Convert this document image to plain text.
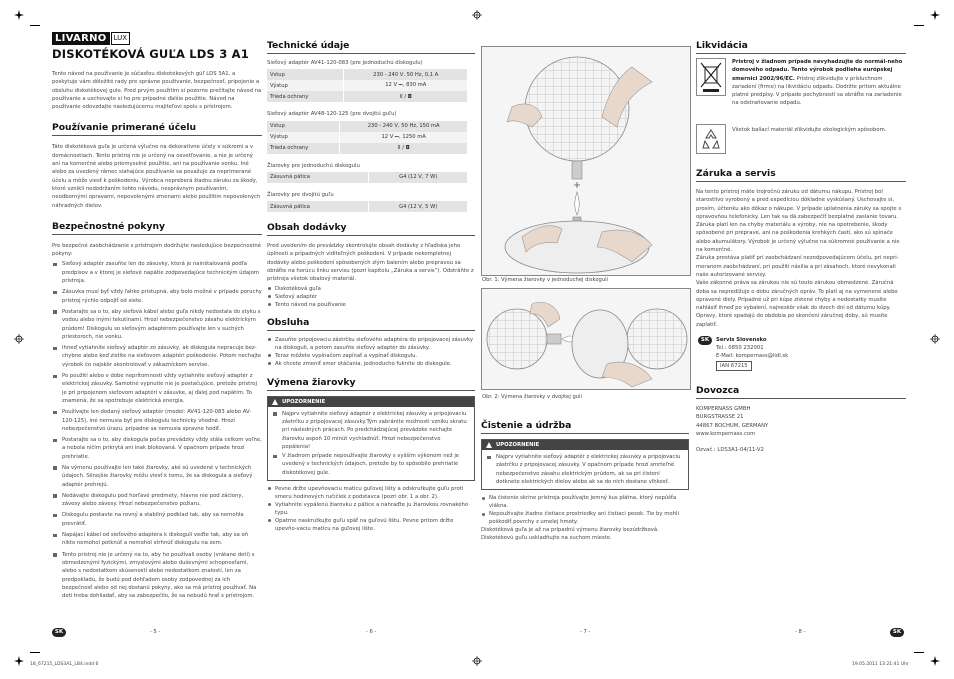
LIVARNO	LUX
DISKOTÉKOVÁ GUĽA LDS 3 A1

Tento návod na používanie je súčasťou diskotékových gúľ LDS 3A1, a poskytuje vám dôležité rady pre správne používanie, bezpečnosť, pripojenie a obsluhu diskotékovej gule. Pred prvým použitím si pozorne prečítajte návod na používanie a uschovajte si ho pre prípadné ďalšie použitie. Návod na používanie odovzdajte nasledujúcemu majiteľovi spolu s prístrojom.

Používanie primerané účelu

Táto diskotéková guľa je určená výlučne na dekoratívne účely v súkromí a v domácnostiach. Tento prístroj nie je určený na osvetľovanie, a nie je určený ani na komerčné alebo priemyselné použitie, ani na používanie vonku. Iné alebo za uvedený rámec siahajúce používanie sa považuje za neprimerané účelu a môže viesť k poškodeniu. Výrobca nepreberá žiadnu záruku za škody, ktoré vznikli nedodržaním tohto návodu, nesprávnym používaním, neodbornými opravami, nepovolenými zmenami alebo použitím nepovolených náhradných dielov.

Bezpečnostné pokyny

Pre bezpečné zaobchádzanie s prístrojom dodržujte nasledujúce bezpečnostné pokyny:

Sieťový adaptér zasuňte len do zásuvky, ktorá je nainštalovaná podľa predpisov a v ktorej je sieťové napätie zodpovedajúce technickým údajom prístroja.
Zásuvka musí byť vždy ľahko prístupná, aby bolo možné v prípade poruchy prístroj rýchlo odpojiť od siete.
Postarajte sa o to, aby sieťová kábel alebo guľa nikdy nedostala do styku s vodou alebo inými tekutinami. Hrozí nebezpečenstvo zásahu elektrickým prúdom! Diskogulu so sieťovým adaptérom používajte len v suchých priestoroch, nie vonku.
Ihneď vytiahnite sieťový adaptér zo zásuvky, ak diskogula nepracuje bez-chybne alebo keď zistíte na sieťovom adaptéri poškodenie. Potom nechajte výrobok čo najskôr skontrolovať v zákazníckom servise.
Po použití alebo v dobe neprítomnosti vždy vytiahnite sieťový adaptér z elektrickej zásuvky. Samotné vypnutie nie je postačujúce, pretože prístroj je pri pripojenom sieťovom adaptéri v zásuvke, aj ďalej pod napätím. To znamená, že sa spotrebuje elektrická energia.
Používajte len dodaný sieťový adaptér (model: AV41-120-083 alebo AV-120-125), iné nemusia byť pre diskogulu technicky vhodné. Hrozí nebezpečenstvo úrazu, prípadne sa nemusia spravne hodiť.
Postarajte sa o to, aby diskogula počas prevádzky vždy stála celkom voľne, a nebola ničím prikrytá ani inak blokovaná. V opačnom prípade hrozí prehriatie.
Na výmenu používajte len také žiarovky, aké sú uvedené v technických údajoch. Silnejšie žiarovky môžu viesť k tomu, že sa diskogula a sieťový adaptér prehrejú.
Nedávajte diskogulu pod horľavé predmety, hlavne nie pod záclony, závesy alebo závesy. Hrozí nebezpečenstvo požiaru.
Diskogulu postavte na rovný a stabilný podklad tak, aby sa nemohla prevrátiť.
Napájací kábel od sieťového adaptéra k diskoguli veďte tak, aby sa oň nikto nemohol potknúť a nemohol strhnúť diskogulu na zem.
Tento prístroj nie je určený na to, aby ho používali osoby (vrátane detí) s obmedzenými fyzickými, zmyslovými alebo duševnými schopnosťami, alebo s nedostatkom skúseností alebo nedostatkom znalostí, len za predpokladu, že budú pod dohľadom osoby zodpovednej za ich bezpečnosť alebo od nej dostanú pokyny, ako sa má prístroj používať. Na deti treba dohliadať, aby sa zabezpečilo, že sa nebudú hrať s prístrojom.
Technické údaje

Sieťový adaptér AV41-120-083 (pre jednoduchú diskogulu)

Vstup	230 - 240 V, 50 Hz, 0,1 A
Výstup	12 V ⎓, 830 mA
Trieda ochrany	II / ◘

Sieťový adaptér AV48-120-125 (pre dvojitú guľu)

Vstup	230 - 240 V, 50 Hz, 150 mA
Výstup	12 V ⎓, 1250 mA
Trieda ochrany	II / ◘

Žiarovky pre jednoduchú diskogulu

Zásuvná pätica	G4 (12 V, 7 W)

Žiarovky pre dvojitú guľu

Zásuvná pätica	G4 (12 V, 5 W)
Obsah dodávky

Pred uvedením do prevádzky skontrolujte obsah dodávky z hľadiska jeho úplnosti a prípadných viditeľných poškodení. V prípade nekompletnej dodávky alebo poškodení spôsobených zlým balením alebo prepravou sa obráťte na horúcu linku servisu (pozri kapitolu „Záruka a servis“). Odstráňte z prístroja všetok obalový materiál.

Diskotéková guľa
Sieťový adaptér
Tento návod na používanie
Obsluha
Zasuňte pripojovaciu zástrčku sieťového adaptéra do pripojovacej zásuvky na diskoguli, a potom zasuňte sieťový adaptér do zásuvky.
Teraz môžete vypínačom zapínať a vypínať diskogulu.
Ak chcete zmeniť smer otáčania, jednoducho fuknite do diskogule.
Výmena žiarovky
UPOZORNENIE
Najprv vytiahnite sieťový adaptér z elektrickej zásuvky a pripojovaciu zástrčku z pripojovacej zásuvky.Tým zabránite možnosti vzniku skratu pri následných prácach. Po predchádzajúcej prevádzke nechajte žiarovku aspoň 10 minút vychladnúť. Hrozí nebezpečenstvo popálenia!
V žiadnom prípade nepoužívajte žiarovky s vyšším výkonom než je uvedený v technických údajoch, pretože by to spôsobilo prehriatie diskotékovej gule.
Pevne držte upevňovaciu maticu guľovej lišty a odskrutkujte guľu proti smeru hodinových ručičiek z podstavca (pozri obr. 1 a obr. 2).
Vytiahnite vypálenú žiarovku z pätice a nahraďte ju žiarovkou rovnakého typu.
Opatrne naskrutkujte guľu späť na guľovú lištu. Pevne pritom držte upevňo-vaciu maticu na guľovej lište.
Obr. 1: Výmena žiarovky v jednoduchej diskoguli
Obr. 2: Výmena žiarovky v dvojitej guli
Čistenie a údržba
UPOZORNENIE
Najprv vytiahnite sieťový adaptér z elektrickej zásuvky a pripojovaciu zástrčku z pripojovacej zásuvky. V opačnom prípade hrozí smrteľné nebezpečenstvo zásahu elektrickým prúdom, ak sa pri čistení dotknete elektrických dielov alebo ak sa do nich dostane vlhkosť.
Na čistenie skrine prístroja používajte jemný kus plátna, ktorý nepúšťa vlákna.
Nepoužívajte žiadne čistiace prostriedky ani čistiaci pesok. Tie by mohli poškodiť povrchy z umelej hmoty.

Diskotéková guľa je až na prípadnú výmenu žiarovky bezúdržbová. Diskotékovú guľu uskladňujte na suchom mieste.

Likvidácia
Pristroj v žiadnom prípade nevyhadzujte do normál-neho domového odpadu. Tento výrobok podlieha európskej smernici 2002/96/EC. Prístroj zlikvidujte v prísluchnom zariadení (firme) na likvidáciu odpadu. Dodržte pritom aktuálne platné predpisy. V prípade pochybností sa obráťte na zariadenie na odstraňovanie odpadu.
Všetok balíací materiál zlikvidujte ekologickým spôsobom.
Záruka a servis

Na tento prístroj máte trojročnú záruku od dátumu nákupu. Prístroj bol starostlivo vyrobený a pred expedíciou dôkladne vyskúšaný. Uschovajte si, prosím, účtenku ako dôkaz o nákupe. V prípade uplatnenia záruky sa spojte s opravovňou telefonicky. Len tak sa dá zabezpečiť bezplatné zaslanie tovaru. Záruka platí len na chyby materiálu a výroby, nie na opotrebenie, škody spôsobené pri preprave, ani na poškodenia krehkých častí, ako sú spínače alebo akumulátory. Výrobok je určený výlučne na súkromné používanie a nie na komerčné.

Záruka prestáva platiť pri zaobchádzaní nezodpovedajúcom účelu, pri nepri-meranom zaobchádzaní, pri použití násilia a pri zásahoch, ktoré nevykonali naše autorizované servisy.

Vaše zákonné práva sa zárukou nie sú touto zárukou obmedzené. Záručná doba sa nepredlžuje o dobu záručných opráv. To platí aj na vymenené alebo opravené diely. Prípadné už pri kúpe zistené chyby a nedostatky musíte nahlásiť ihneď po vybalení, najneskôr však do dvoch dní od dátumu kúpy. Opravy, ktoré spadajú do obdobia po skončení záručnej doby, sú musíte zaplatiť.

SK	Servis Slovensko
Tel.: 0850 232001
E-Mail: kompernass@lidl.sk
IAN 67215
Dovozca
KOMPERNASS GMBH
BURGSTRASSE 21
44867 BOCHUM, GERMANY
www.kompernass.com

Ozvač.: LDS3A1-04/11-V2

SK	SK
- 5 -	- 6 -	- 7 -	- 8 -
18_67215_LDS3A1_LB4.indd 6	19.05.2011 13:21:41 Uhr
